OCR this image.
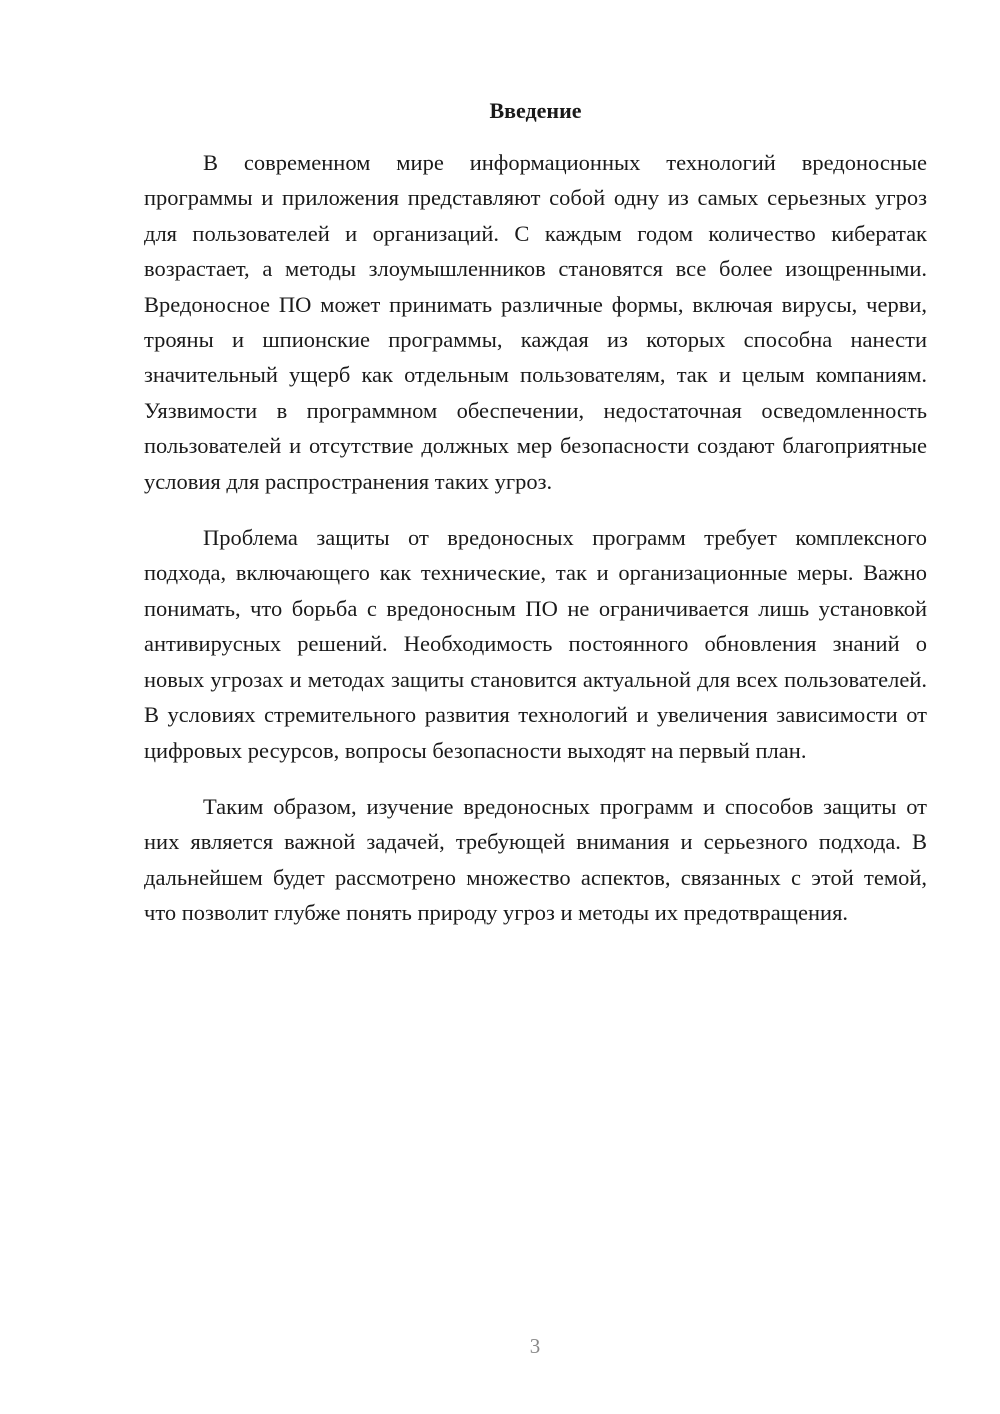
Введение

В современном мире информационных технологий вредоносные программы и приложения представляют собой одну из самых серьезных угроз для пользователей и организаций. С каждым годом количество кибератак возрастает, а методы злоумышленников становятся все более изощренными. Вредоносное ПО может принимать различные формы, включая вирусы, черви, трояны и шпионские программы, каждая из которых способна нанести значительный ущерб как отдельным пользователям, так и целым компаниям. Уязвимости в программном обеспечении, недостаточная осведомленность пользователей и отсутствие должных мер безопасности создают благоприятные условия для распространения таких угроз.

Проблема защиты от вредоносных программ требует комплексного подхода, включающего как технические, так и организационные меры. Важно понимать, что борьба с вредоносным ПО не ограничивается лишь установкой антивирусных решений. Необходимость постоянного обновления знаний о новых угрозах и методах защиты становится актуальной для всех пользователей. В условиях стремительного развития технологий и увеличения зависимости от цифровых ресурсов, вопросы безопасности выходят на первый план.

Таким образом, изучение вредоносных программ и способов защиты от них является важной задачей, требующей внимания и серьезного подхода. В дальнейшем будет рассмотрено множество аспектов, связанных с этой темой, что позволит глубже понять природу угроз и методы их предотвращения.

3
